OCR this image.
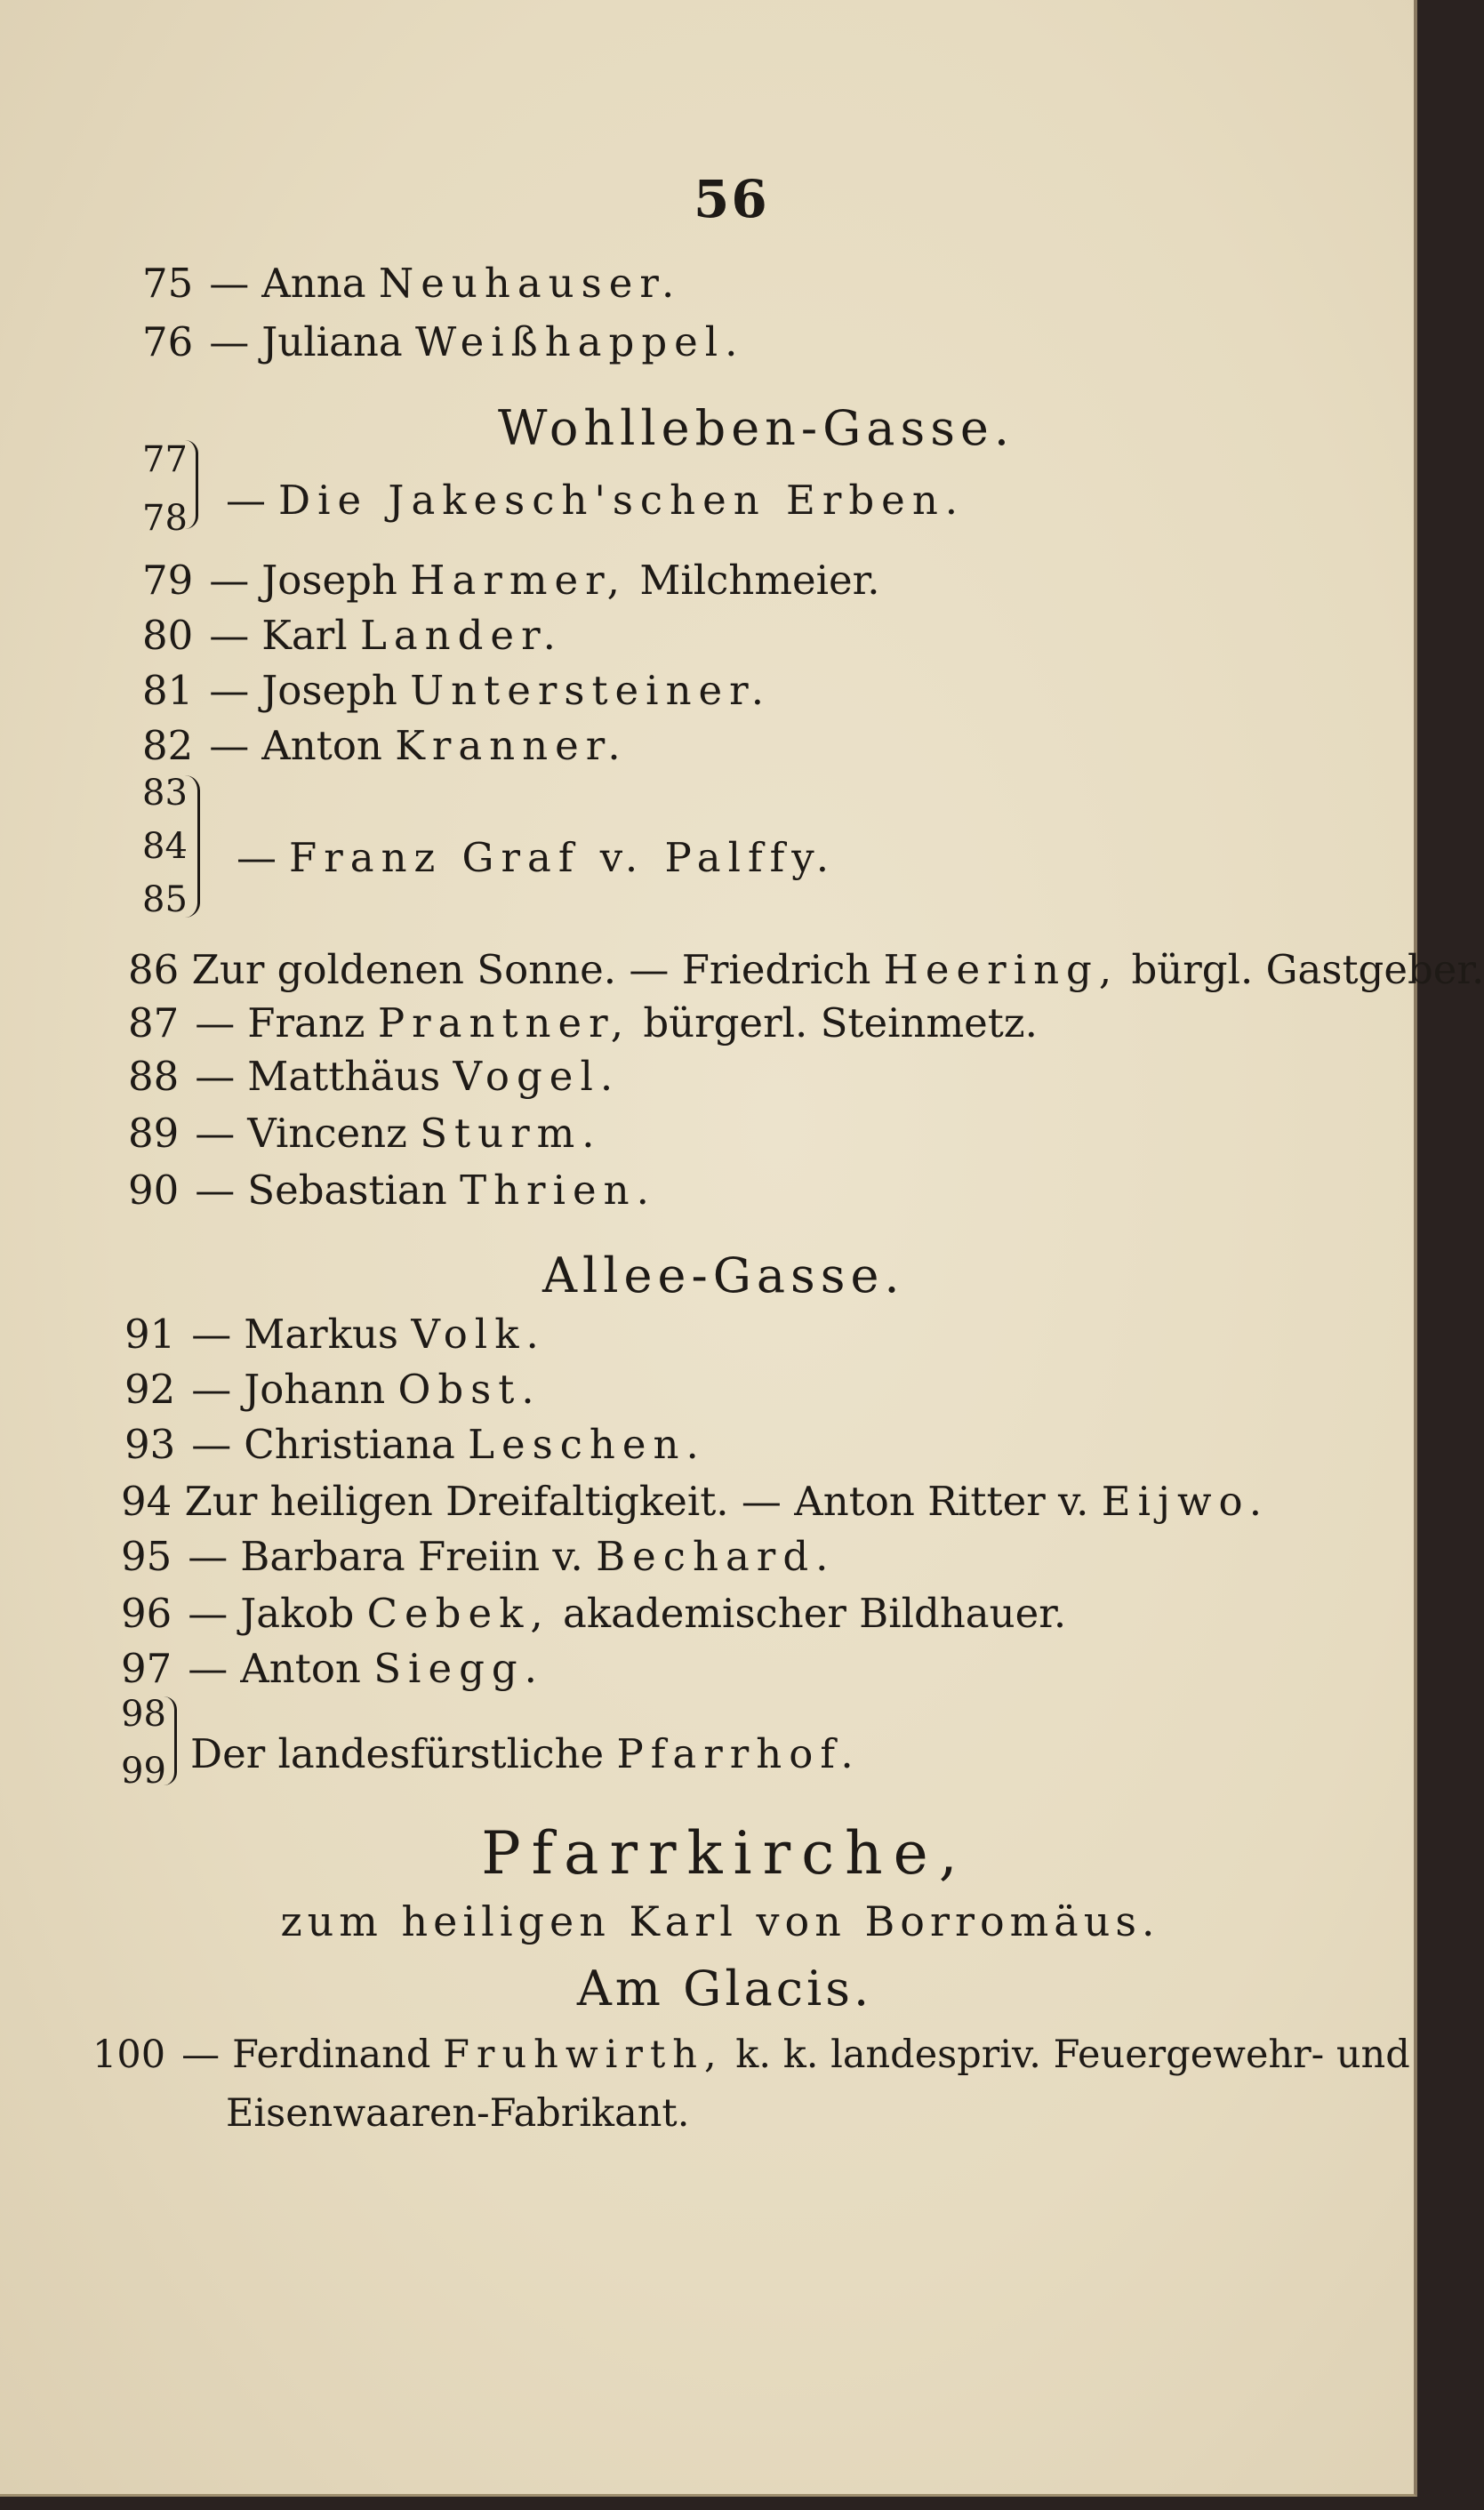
56
75 — Anna Neuhauser.
76 — Juliana Weißhappel.
Wohlleben-Gasse.
77
78 — Die Jakesch'schen Erben.
79 — Joseph Harmer, Milchmeier.
80 — Karl Lander.
81 — Joseph Untersteiner.
82 — Anton Kranner.
83
84
85
— Franz Graf v. Palffy.
86 Zur goldenen Sonne. — Friedrich Heering, bürgl. Gastgeber.
87 — Franz Prantner, bürgerl. Steinmetz.
88 — Matthäus Vogel.
89 — Vincenz Sturm.
90 — Sebastian Thrien.
Allee-Gasse.
91 — Markus Volk.
92 — Johann Obst.
93 — Christiana Leschen.
94 Zur heiligen Dreifaltigkeit. — Anton Ritter v. Eijwo.
95 — Barbara Freiin v. Bechard.
96 — Jakob Cebek, akademischer Bildhauer.
97 — Anton Siegg.
98
99 Der landesfürstliche Pfarrhof.
Pfarrkirche,
zum heiligen Karl von Borromäus.
Am Glacis.
100 — Ferdinand Fruhwirth, k. k. landespriv. Feuergewehr- und
Eisenwaaren-Fabrikant.
